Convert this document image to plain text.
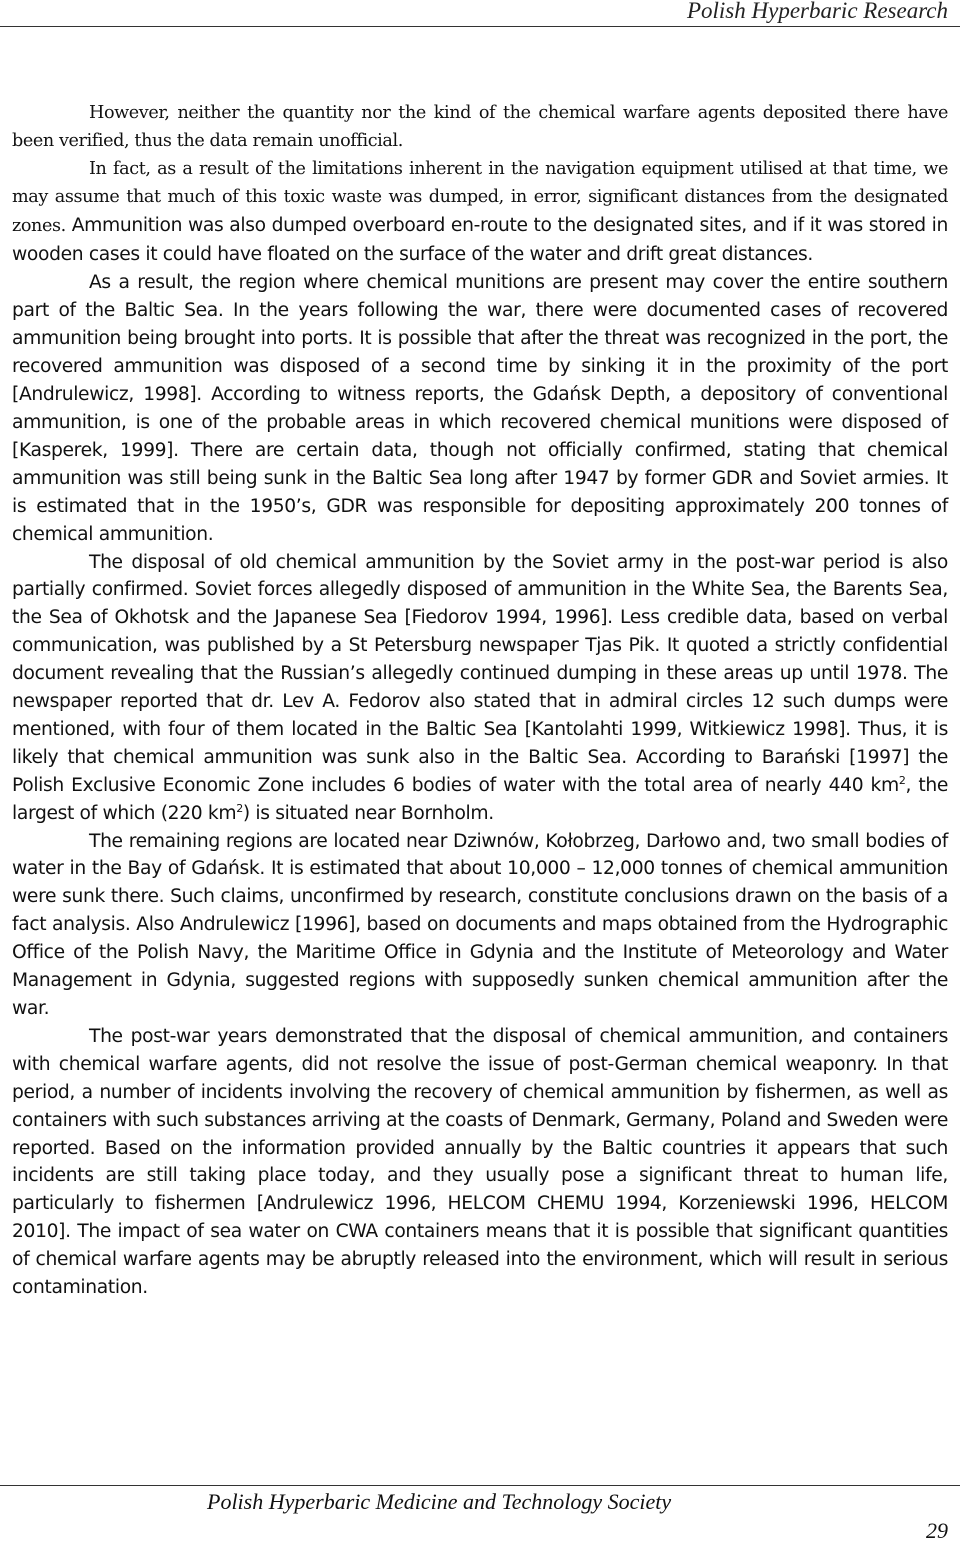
Polish Hyperbaric Research

However, neither the quantity nor the kind of the chemical warfare agents deposited there have been verified, thus the data remain unofficial.

In fact, as a result of the limitations inherent in the navigation equipment utilised at that time, we may assume that much of this toxic waste was dumped, in error, significant distances from the designated zones. Ammunition was also dumped overboard en-route to the designated sites, and if it was stored in wooden cases it could have floated on the surface of the water and drift great distances.

As a result, the region where chemical munitions are present may cover the entire southern part of the Baltic Sea. In the years following the war, there were documented cases of recovered ammunition being brought into ports. It is possible that after the threat was recognized in the port, the recovered ammunition was disposed of a second time by sinking it in the proximity of the port [Andrulewicz, 1998]. According to witness reports, the Gdańsk Depth, a depository of conventional ammunition, is one of the probable areas in which recovered chemical munitions were disposed of [Kasperek, 1999]. There are certain data, though not officially confirmed, stating that chemical ammunition was still being sunk in the Baltic Sea long after 1947 by former GDR and Soviet armies. It is estimated that in the 1950’s, GDR was responsible for depositing approximately 200 tonnes of chemical ammunition.

The disposal of old chemical ammunition by the Soviet army in the post-war period is also partially confirmed. Soviet forces allegedly disposed of ammunition in the White Sea, the Barents Sea, the Sea of Okhotsk and the Japanese Sea [Fiedorov 1994, 1996]. Less credible data, based on verbal communication, was published by a St Petersburg newspaper Tjas Pik. It quoted a strictly confidential document revealing that the Russian’s allegedly continued dumping in these areas up until 1978. The newspaper reported that dr. Lev A. Fedorov also stated that in admiral circles 12 such dumps were mentioned, with four of them located in the Baltic Sea [Kantolahti 1999, Witkiewicz 1998]. Thus, it is likely that chemical ammunition was sunk also in the Baltic Sea. According to Barański [1997] the Polish Exclusive Economic Zone includes 6 bodies of water with the total area of nearly 440 $km^2$, the largest of which (220 $km^2$) is situated near Bornholm.

The remaining regions are located near Dziwnów, Kołobrzeg, Darłowo and, two small bodies of water in the Bay of Gdańsk. It is estimated that about 10,000 – 12,000 tonnes of chemical ammunition were sunk there. Such claims, unconfirmed by research, constitute conclusions drawn on the basis of a fact analysis. Also Andrulewicz [1996], based on documents and maps obtained from the Hydrographic Office of the Polish Navy, the Maritime Office in Gdynia and the Institute of Meteorology and Water Management in Gdynia, suggested regions with supposedly sunken chemical ammunition after the war.

The post-war years demonstrated that the disposal of chemical ammunition, and containers with chemical warfare agents, did not resolve the issue of post-German chemical weaponry. In that period, a number of incidents involving the recovery of chemical ammunition by fishermen, as well as containers with such substances arriving at the coasts of Denmark, Germany, Poland and Sweden were reported. Based on the information provided annually by the Baltic countries it appears that such incidents are still taking place today, and they usually pose a significant threat to human life, particularly to fishermen [Andrulewicz 1996, HELCOM CHEMU 1994, Korzeniewski 1996, HELCOM 2010]. The impact of sea water on CWA containers means that it is possible that significant quantities of chemical warfare agents may be abruptly released into the environment, which will result in serious contamination.

Polish Hyperbaric Medicine and Technology Society
29
